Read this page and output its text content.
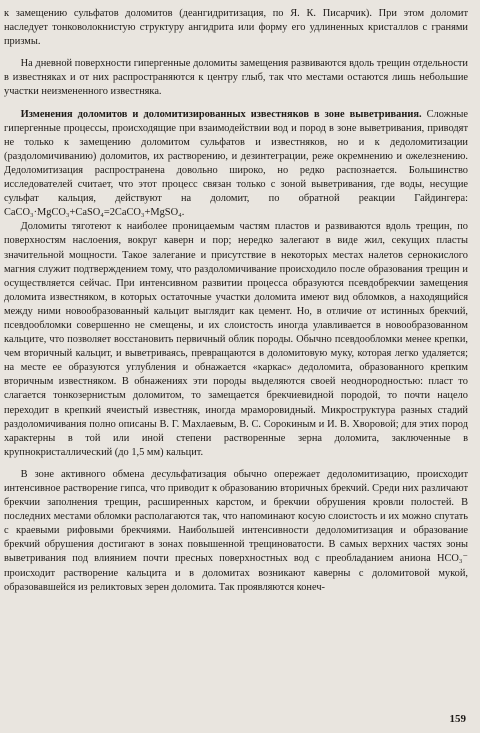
к замещению сульфатов доломитов (деангидритизация, по Я. К. Писарчик). При этом доломит наследует тонковолокнистую структуру ангидрита или форму его удлиненных кристаллов с гранями призмы.

На дневной поверхности гипергенные доломиты замещения развиваются вдоль трещин отдельности в известняках и от них распространяются к центру глыб, так что местами остаются лишь небольшие участки неизмененного известняка.

Изменения доломитов и доломитизированных известняков в зоне выветривания. Сложные гипергенные процессы, происходящие при взаимодействии вод и пород в зоне выветривания, приводят не только к замещению доломитом сульфатов и известняков, но и к дедоломитизации (раздоломичиванию) доломитов, их растворению, и дезинтеграции, реже окремнению и ожелезнению. Дедоломитизация распространена довольно широко, но редко распознается. Большинство исследователей считает, что этот процесс связан только с зоной выветривания, где воды, несущие сульфат кальция, действуют на доломит, по обратной реакции Гайдингера: CaCO₃·MgCO₃+CaSO₄=2CaCO₃+MgSO₄.

Доломиты тяготеют к наиболее проницаемым частям пластов и развиваются вдоль трещин, по поверхностям наслоения, вокруг каверн и пор; нередко залегают в виде жил, секущих пласты значительной мощности. Такое залегание и присутствие в некоторых местах налетов сернокислого магния служит подтверждением тому, что раздоломичивание происходило после образования трещин и осуществляется сейчас. При интенсивном развитии процесса образуются псевдобрекчии замещения доломита известняком, в которых остаточные участки доломита имеют вид обломков, а находящийся между ними новообразованный кальцит выглядит как цемент. Но, в отличие от истинных брекчий, псевдообломки совершенно не смещены, и их слоистость иногда улавливается в новообразованном кальците, что позволяет восстановить первичный облик породы. Обычно псевдообломки менее крепки, чем вторичный кальцит, и выветриваясь, превращаются в доломитовую муку, которая легко удаляется; на месте ее образуются углубления и обнажается «каркас» дедоломита, образованного крепким вторичным известняком. В обнажениях эти породы выделяются своей неоднородностью: пласт то слагается тонкозернистым доломитом, то замещается брекчиевидной породой, то почти нацело переходит в крепкий ячеистый известняк, иногда мраморовидный. Микроструктура разных стадий раздоломичивания полно описаны В. Г. Махлаевым, В. С. Сорокиным и И. В. Хворовой; для этих пород характерны в той или иной степени растворенные зерна доломита, заключенные в крупнокристаллический (до 1,5 мм) кальцит.

В зоне активного обмена десульфатизация обычно опережает дедоломитизацию, происходит интенсивное растворение гипса, что приводит к образованию вторичных брекчий. Среди них различают брекчии заполнения трещин, расширенных карстом, и брекчии обрушения кровли полостей. В последних местами обломки располагаются так, что напоминают косую слоистость и их можно спутать с краевыми рифовыми брекчиями. Наибольшей интенсивности дедоломитизация и образование брекчий обрушения достигают в зонах повышенной трещиноватости. В самых верхних частях зоны выветривания под влиянием почти пресных поверхностных вод с преобладанием аниона HCO₃⁻ происходит растворение кальцита и в доломитах возникают каверны с доломитовой мукой, образовавшейся из реликтовых зерен доломита. Так проявляются конеч-

159
